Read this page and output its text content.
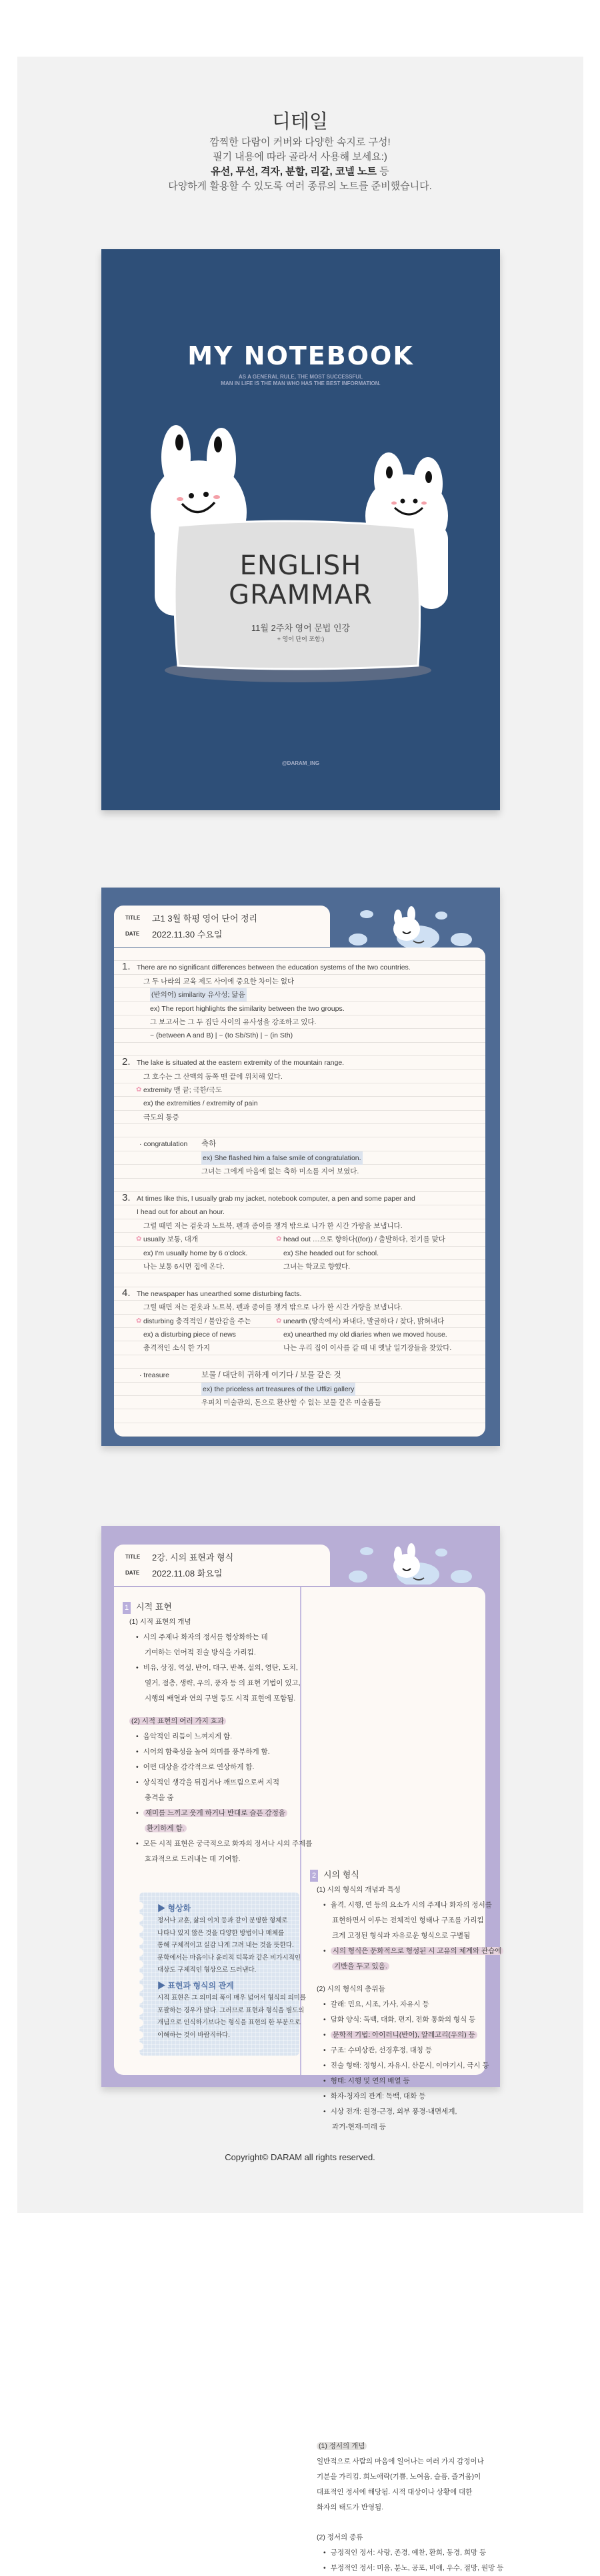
디테일
깜찍한 다람이 커버와 다양한 속지로 구성!
필기 내용에 따라 골라서 사용해 보세요:)
유선, 무선, 격자, 분할, 리갈, 코넬 노트 등
다양하게 활용할 수 있도록 여러 종류의 노트를 준비했습니다.
MY NOTEBOOK
AS A GENERAL RULE, THE MOST SUCCESSFUL
MAN IN LIFE IS THE MAN WHO HAS THE BEST INFORMATION.
ENGLISH
GRAMMAR
11월 2주차 영어 문법 인강
+ 영어 단어 포함:)
@DARAM_ING
TITLE 고1 3월 학평 영어 단어 정리
DATE 2022.11.30 수요일
1. There are no significant differences between the education systems of the two countries.
그 두 나라의 교육 제도 사이에 중요한 차이는 없다
(반의어) similarity 유사성; 닮음
ex) The report highlights the similarity between the two groups.
그 보고서는 그 두 집단 사이의 유사성을 강조하고 있다.
~ (between A and B) | ~ (to Sb/Sth) | ~ (in Sth)
2. The lake is situated at the eastern extremity of the mountain range.
그 호수는 그 산맥의 동쪽 맨 끝에 위치해 있다.
✿ extremity 맨 끝; 극한/극도
ex) the extremities / extremity of pain
극도의 통증
· congratulation 축하
ex) She flashed him a false smile of congratulation.
그녀는 그에게 마음에 없는 축하 미소를 지어 보였다.
3. At times like this, I usually grab my jacket, notebook computer, a pen and some paper and
I head out for about an hour.
그럴 때면 저는 겉옷과 노트북, 펜과 종이를 챙겨 밖으로 나가 한 시간 가량을 보냅니다.
✿ usually 보통, 대개	✿ head out …으로 향하다((for)) / 출발하다, 전기를 맞다
ex) I'm usually home by 6 o'clock.	ex) She headed out for school.
나는 보통 6시면 집에 온다.	그녀는 학교로 향했다.
4. The newspaper has unearthed some disturbing facts.
그럴 때면 저는 겉옷과 노트북, 펜과 종이를 챙겨 밖으로 나가 한 시간 가량을 보냅니다.
✿ disturbing 충격적인 / 불안감을 주는	✿ unearth (땅속에서) 파내다, 발굴하다 / 찾다, 밝혀내다
ex) a disturbing piece of news	ex) unearthed my old diaries when we moved house.
충격적인 소식 한 가지	나는 우리 집이 이사를 갈 때 내 옛날 일기장들을 찾았다.
· treasure	보물 / 대단히 귀하게 여기다 / 보물 같은 것
ex) the priceless art treasures of the Uffizi gallery
우피치 미술관의, 돈으로 환산할 수 없는 보물 같은 미술품들
TITLE 2강. 시의 표현과 형식
DATE 2022.11.08 화요일
1 시적 표현
(1) 시적 표현의 개념
• 시의 주제나 화자의 정서를 형상화하는 데
기여하는 언어적 진술 방식을 가리킴.
• 비유, 상징, 역설, 반어, 대구, 반복, 설의, 영탄, 도치,
열거, 점층, 생략, 우의, 풍자 등 의 표현 기법이 있고,
시행의 배열과 연의 구별 등도 시적 표현에 포함됨.
(2) 시적 표현의 여러 가지 효과
• 음악적인 리듬이 느껴지게 함.
• 시어의 함축성을 높여 의미를 풍부하게 함.
• 어떤 대상을 감각적으로 연상하게 함.
• 상식적인 생각을 뒤집거나 깨뜨림으로써 지적
충격을 줌
• 재미를 느끼고 웃게 하거나 반대로 슬픈 감정을
환기하게 함.
• 모든 시적 표현은 궁극적으로 화자의 정서나 시의 주제를
효과적으로 드러내는 데 기여함.
2 시의 형식
(1) 시의 형식의 개념과 특성
• 율격, 시행, 연 등의 요소가 시의 주제나 화자의 정서를
표현하면서 이루는 전체적인 형태나 구조를 가리킴
크게 고정된 형식과 자유로운 형식으로 구별됨
• 시의 형식은 문화적으로 형성된 시 고유의 체계와 관습에
기반을 두고 있음.
(2) 시의 형식의 층위들
• 갈래: 민요, 시조, 가사, 자유시 등
• 담화 양식: 독백, 대화, 편지, 전화 통화의 형식 등
• 문학적 기법: 아이러니(반어), 알레고리(우의) 등
• 구조: 수미상관, 선경후정, 대칭 등
• 진술 형태: 정형시, 자유시, 산문시, 이야기시, 극시 등
• 형태: 시행 및 연의 배열 등
• 화자-청자의 관계: 독백, 대화 등
• 시상 전개: 원경-근경, 외부 풍경-내면세계,
과거-현재-미래 등
(1) 정서의 개념
일반적으로 사람의 마음에 일어나는 여러 가지 감정이나
기분을 가리킴. 희노애락(기쁨, 노여움, 슬픔, 즐거움)이
대표적인 정서에 해당됨. 시적 대상이나 상황에 대한
화자의 태도가 반영됨.
(2) 정서의 종류
• 긍정적인 정서: 사랑, 존경, 예찬, 환희, 동경, 희망 등
• 부정적인 정서: 미움, 분노, 공포, 비애, 우수, 절망, 원망 등
▶ 형상화
정서나 교훈, 삶의 이치 등과 같이 분명한 형체로
나타나 있지 않은 것을 다양한 방법이나 매체를
통해 구체적이고 실감 나게 그려 내는 것을 뜻한다.
문학에서는 마음이나 윤리적 덕목과 같은 비가시적인
대상도 구체적인 형상으로 드러낸다.
▶ 표현과 형식의 관계
시적 표현은 그 의미의 폭이 매우 넓어서 형식의 의미를
포괄하는 경우가 많다. 그러므로 표현과 형식을 별도의
개념으로 인식하기보다는 형식을 표현의 한 부분으로
이해하는 것이 바람직하다.
Copyright© DARAM all rights reserved.
